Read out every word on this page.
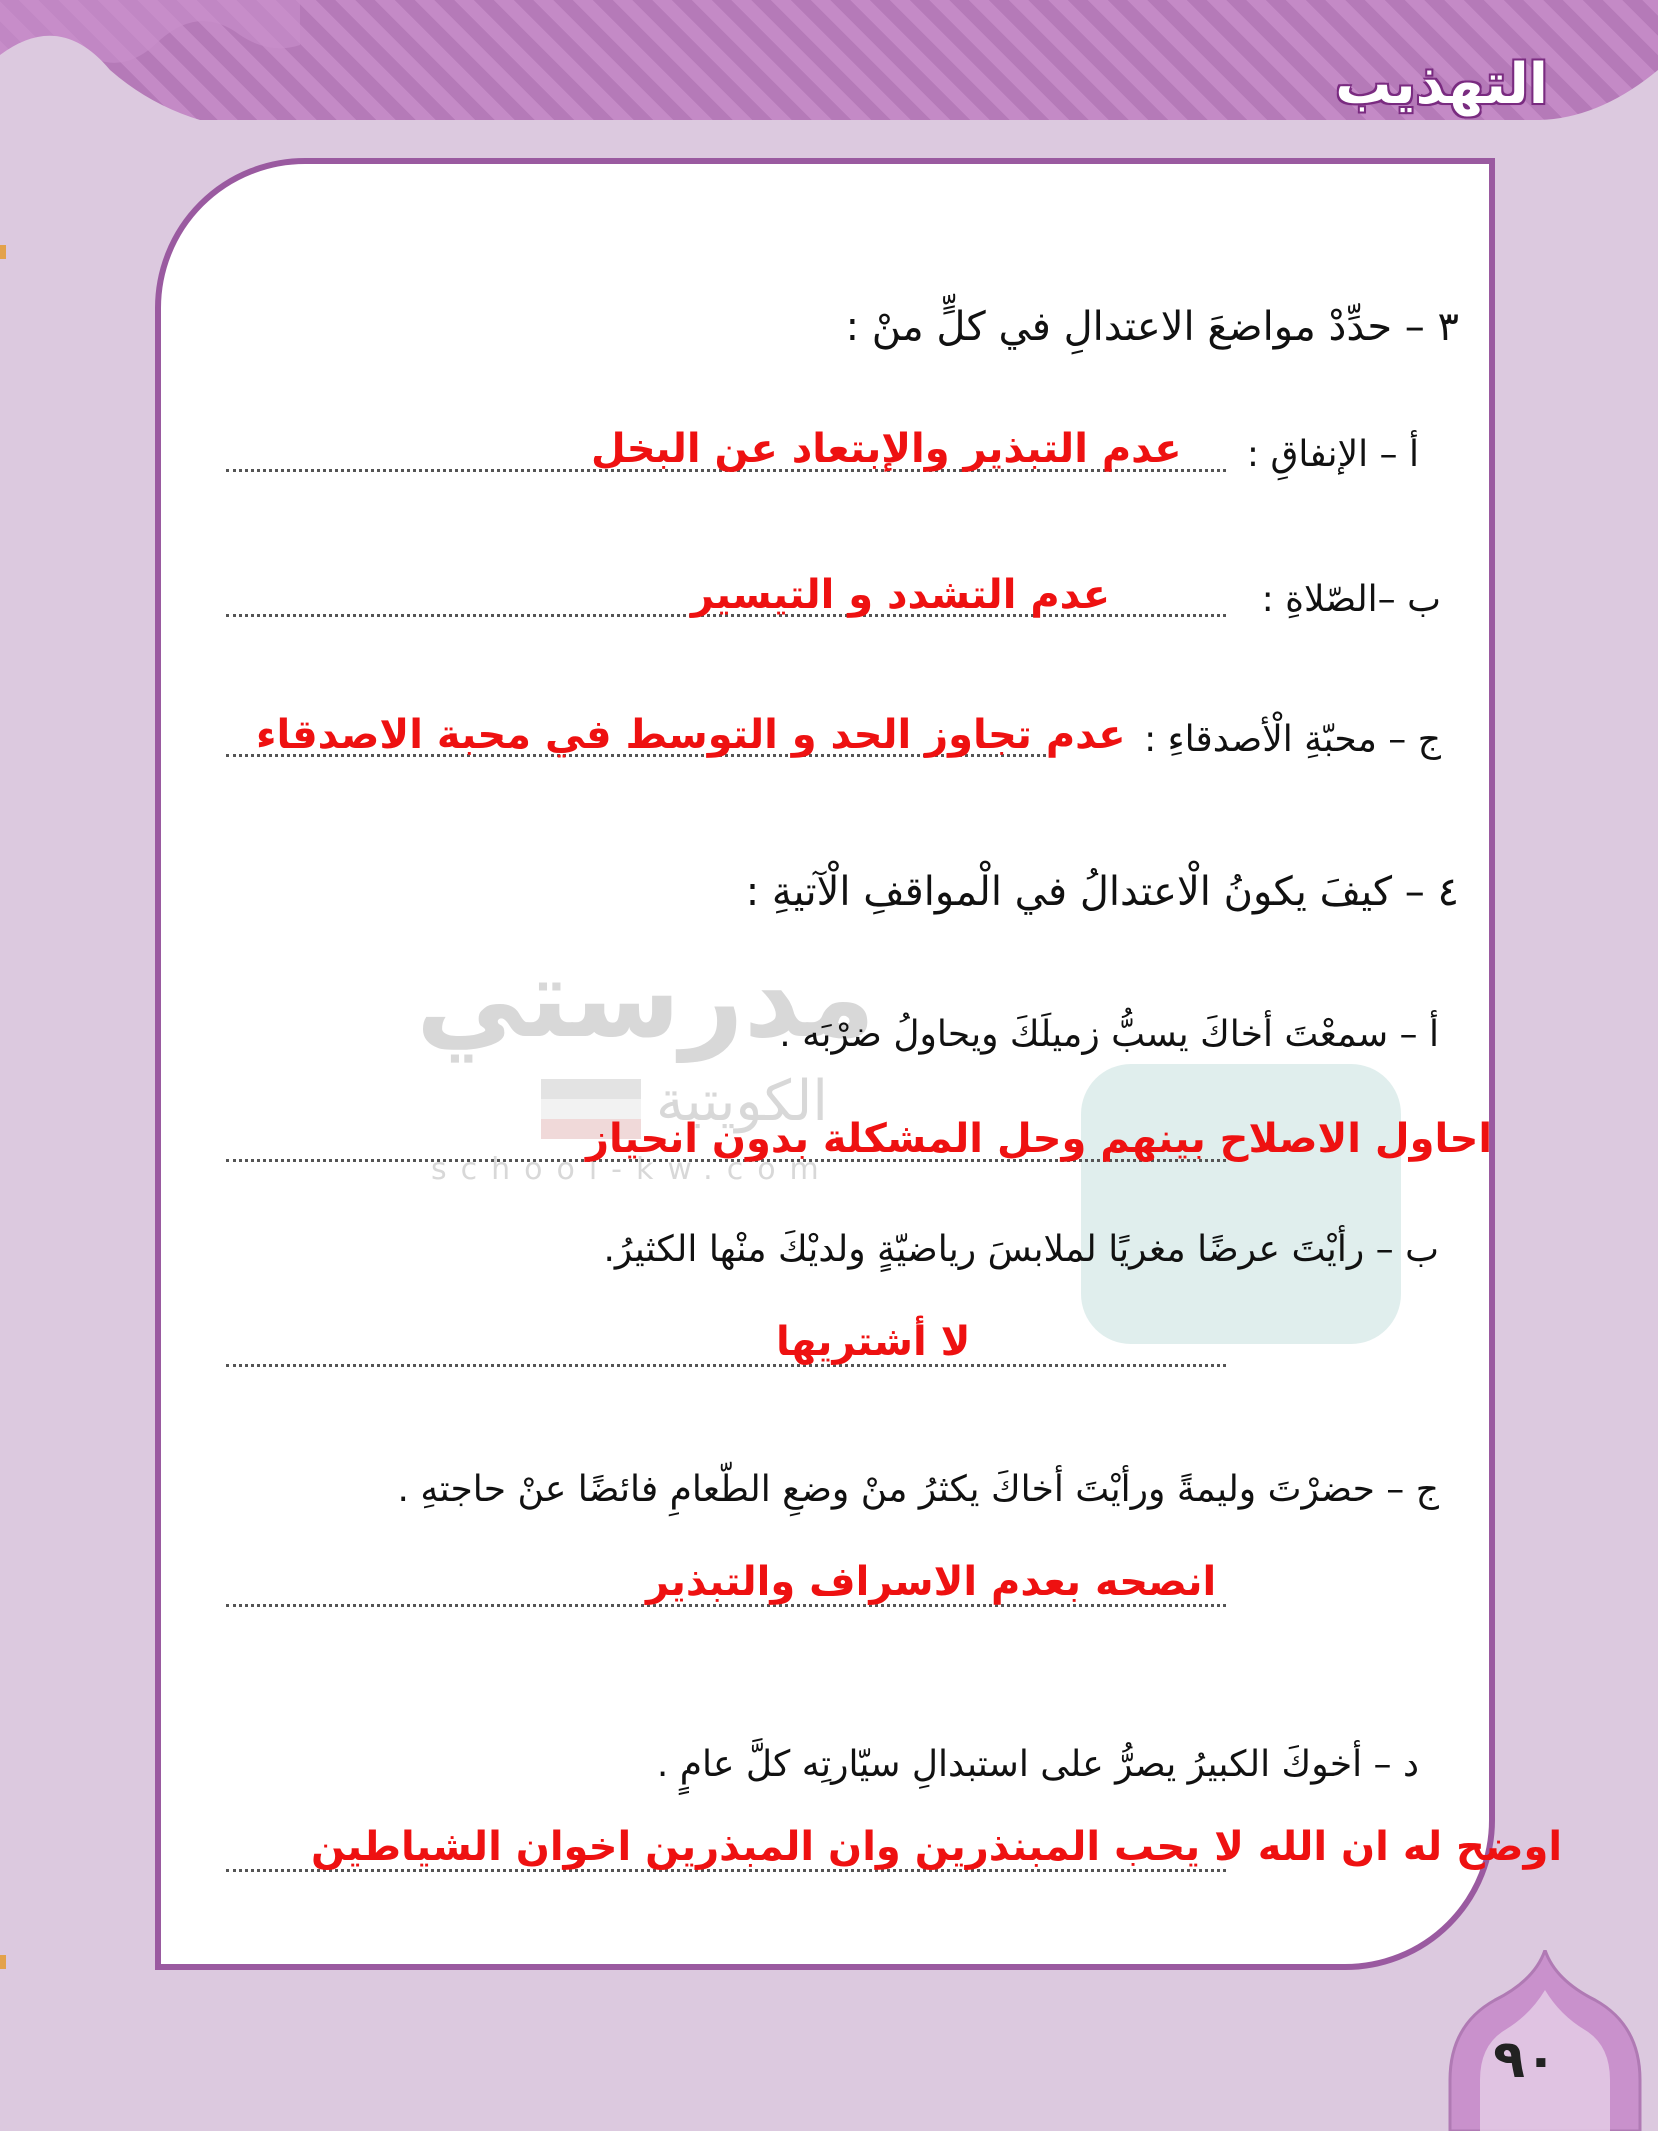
التهذيب
مدرستي
الكويتية
school-kw.com
٣ – حدِّدْ مواضعَ الاعتدالِ في كلٍّ منْ :
أ – الإنفاقِ :
عدم التبذير والإبتعاد عن البخل
ب –الصّلاةِ :
عدم التشدد و التيسير
ج – محبّةِ الْأصدقاءِ :
عدم تجاوز الحد و التوسط في محبة الاصدقاء
٤ – كيفَ يكونُ الْاعتدالُ في الْمواقفِ الْآتيةِ :
أ – سمعْتَ أخاكَ يسبُّ زميلَكَ ويحاولُ ضرْبَه .
احاول الاصلاح بينهم وحل المشكلة بدون انحياز
ب – رأيْتَ عرضًا مغريًا لملابسَ رياضيّةٍ ولديْكَ منْها الكثيرُ.
لا أشتريها
ج – حضرْتَ وليمةً ورأيْتَ أخاكَ يكثرُ منْ وضعِ الطّعامِ فائضًا عنْ حاجتهِ .
انصحه بعدم الاسراف والتبذير
د – أخوكَ الكبيرُ يصرُّ على استبدالِ سيّارتِه كلَّ عامٍ .
اوضح له ان الله لا يحب المبنذرين وان المبذرين اخوان الشياطين
٩٠
